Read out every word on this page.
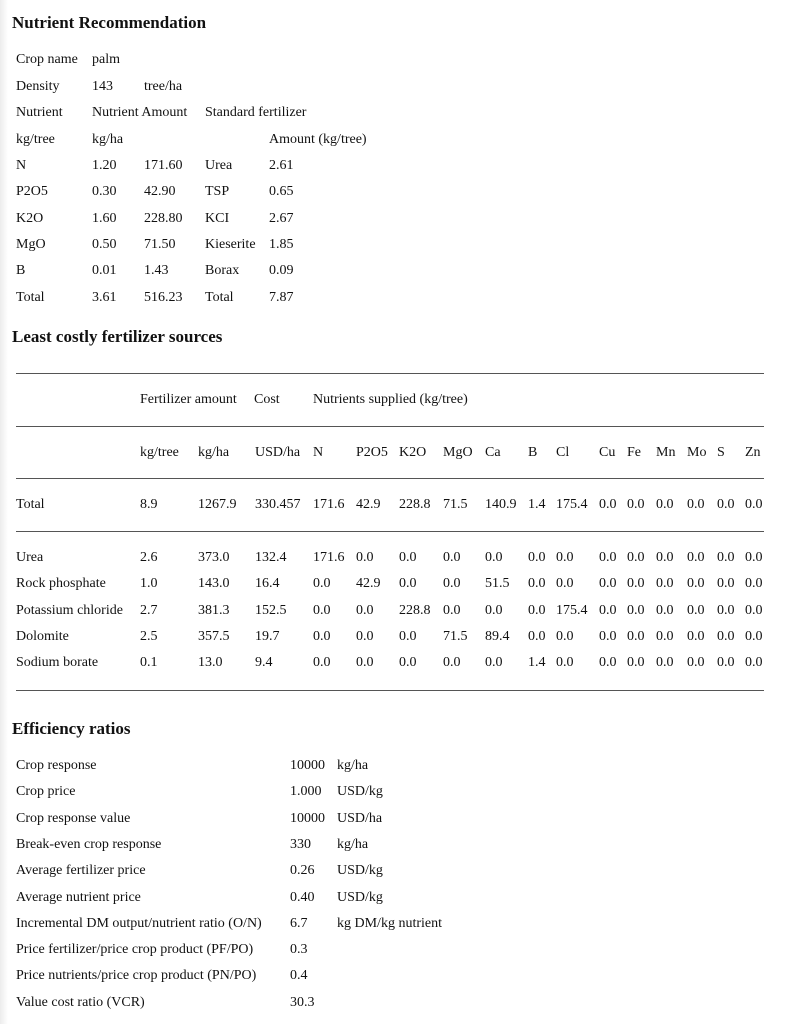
Nutrient Recommendation
Crop name palm
Density 143 tree/ha
Nutrient Nutrient Amount Standard fertilizer
kg/tree	kg/ha	Amount (kg/tree)
N	1.20 171.60 Urea	2.61
P2O5	0.30 42.90 TSP	0.65
K2O	1.60 228.80 KCI	2.67
MgO	0.50 71.50 Kieserite 1.85
B	0.01 1.43	Borax 0.09
Total	3.61 516.23 Total	7.87
Least costly fertilizer sources
Fertilizer amount Cost Nutrients supplied (kg/tree)
kg/tree kg/ha USD/ha N P2O5 K2O MgO Ca B Cl Cu Fe Mn Mo S Zn
Total	8.9	1267.9 330.457 171.6 42.9 228.8 71.5 140.9 1.4 175.4 0.0 0.0 0.0 0.0 0.0 0.0
Urea	2.6	373.0 132.4 171.6 0.0 0.0 0.0 0.0 0.0 0.0 0.0 0.0 0.0 0.0 0.0 0.0
Rock phosphate 1.0	143.0 16.4 0.0 42.9 0.0 0.0 51.5 0.0 0.0 0.0 0.0 0.0 0.0 0.0 0.0
Potassium chloride 2.7	381.3 152.5 0.0 0.0 228.8 0.0 0.0 0.0 175.4 0.0 0.0 0.0 0.0 0.0 0.0
Dolomite	2.5	357.5 19.7 0.0 0.0 0.0 71.5 89.4 0.0 0.0 0.0 0.0 0.0 0.0 0.0 0.0
Sodium borate	0.1	13.0 9.4	0.0 0.0 0.0 0.0 0.0 1.4 0.0 0.0 0.0 0.0 0.0 0.0 0.0
Efficiency ratios
Crop response	10000 kg/ha
Crop price	1.000 USD/kg
Crop response value	10000 USD/ha
Break-even crop response	330 kg/ha
Average fertilizer price	0.26 USD/kg
Average nutrient price	0.40 USD/kg
Incremental DM output/nutrient ratio (O/N) 6.7 kg DM/kg nutrient
Price fertilizer/price crop product (PF/PO)	0.3
Price nutrients/price crop product (PN/PO) 0.4
Value cost ratio (VCR)	30.3
